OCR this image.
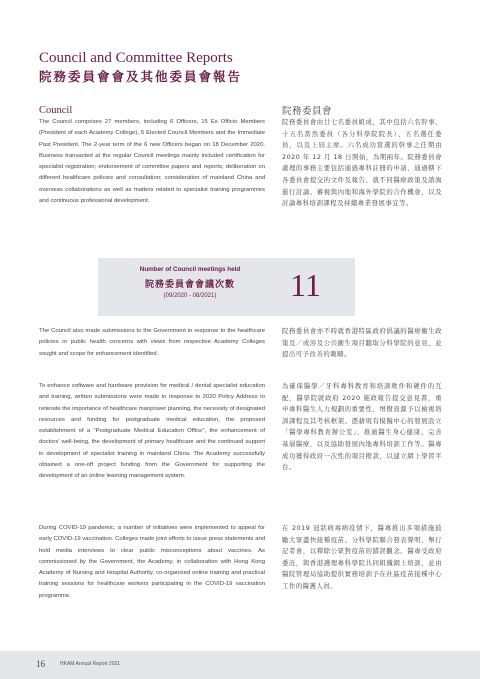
Council and Committee Reports
院務委員會會及其他委員會報告
Council	院務委員會

The Council comprises 27 members, including 6 Officers, 15 Ex Officio Members (President of each Academy College), 5 Elected Council Members and the Immediate Past President. The 2-year term of the 6 new Officers began on 18 December 2020. Business transacted at the regular Council meetings mainly included certification for specialist registration; endorsement of committee papers and reports; deliberation on different healthcare policies and consultation; consideration of mainland China and overseas collaborations as well as matters related to specialist training programmes and continuous professional development.

院務委員會由廿七名委員組成，其中包括六名幹事、十五名當然委員（各分科學院院長）、五名選任委員，以及上屆主席。六名成功當選的幹事之任期由 2020 年 12 月 18 日開始，為期兩年。院務委員會處理的事務主要包括通過專科註冊的申請、通過轄下各委員會提交的文件及報告、就不同醫療政策及諮詢進行討論、審視與內地和海外學院的合作機會，以及討論專科培訓課程及持續專業發展事宜等。

Number of Council meetings held
院務委員會會議次數
(09/2020 - 08/2021)	11

The Council also made submissions to the Government in response to the healthcare policies or public health concerns with views from respective Academy Colleges sought and scope for enhancement identified.

院務委員會亦不時就香港特區政府倡議的醫療衞生政策及／或涉及公共衞生項目聽取分科學院的意見，並提出可予改善的範疇。

To enhance software and hardware provision for medical / dental specialist education and training, written submissions were made in response to 2020 Policy Address to reiterate the importance of healthcare manpower planning, the necessity of designated resources and funding for postgraduate medical education, the proposed establishment of a "Postgraduate Medical Education Office", the enhancement of doctors' well-being, the development of primary healthcare and the continued support in development of specialist training in mainland China. The Academy successfully obtained a one-off project funding from the Government for supporting the development of an online learning management system.

為確保醫學／牙科專科教育和培訓軟件和硬件的互配，醫學院就政府 2020 施政報告提交意見書，重申專科醫生人力規劃的重要性、增撥資源予以檢視培訓課程及其考核框架、憑藉現有模擬中心的發展設立「醫學專科教育辦公室」、推廣醫生身心健康、完善基層醫療，以及協助發展內地專科培訓工作等。醫專成功獲得政府一次性的項目撥款，以建立網上學習平台。

During COVID-19 pandemic, a number of initiatives were implemented to appeal for early COVID-19 vaccination. Colleges made joint efforts to issue press statements and hold media interviews to clear public misconceptions about vaccines. As commissioned by the Government, the Academy, in collaboration with Hong Kong Academy of Nursing and Hospital Authority, co-organised online training and practical training sessions for healthcare workers participating in the COVID-19 vaccination programme.

在 2019 冠狀病毒病疫情下，醫專推出多項措施鼓勵大眾盡快接種疫苗。分科學院聯合發表聲明、舉行記者會，以釋除公眾對疫苗的錯誤觀念。醫專受政府委託，與香港護理專科學院共同組織網上培訓，並由醫院管理局協助提供實務培訓予在社區疫苗接種中心工作的醫護人員。

16	HKAM Annual Report 2021
